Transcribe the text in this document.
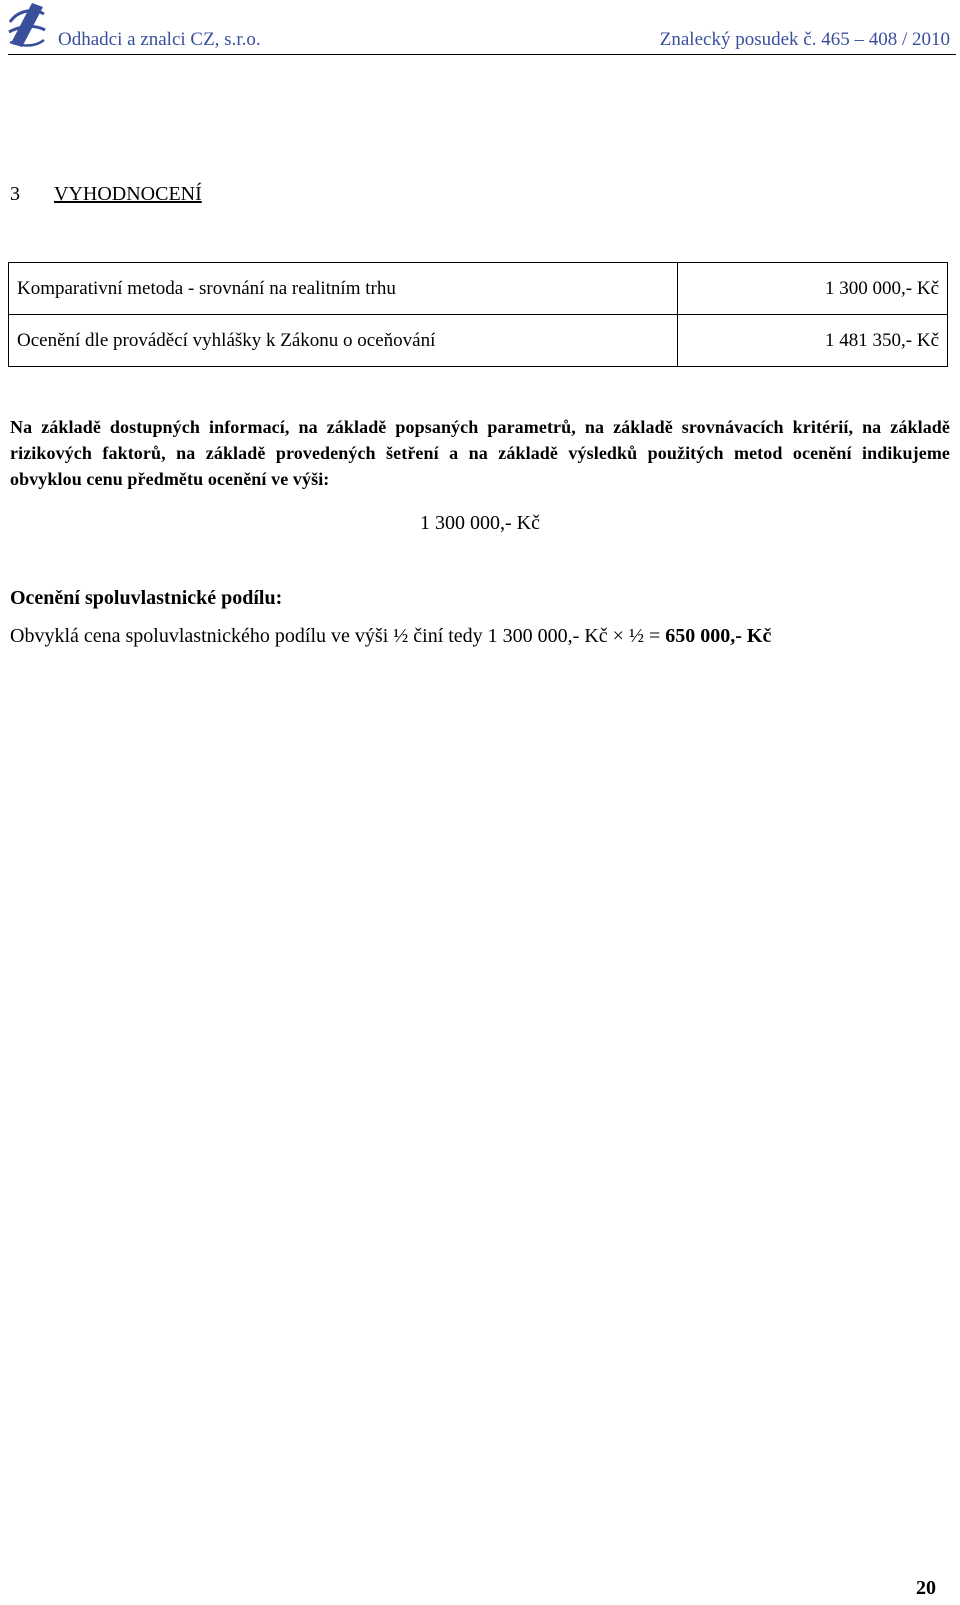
Odhadci a znalci CZ, s.r.o.	Znalecký posudek č. 465 – 408 / 2010
3 VYHODNOCENÍ
Komparativní metoda - srovnání na realitním trhu	1 300 000,- Kč
Ocenění dle prováděcí vyhlášky k Zákonu o oceňování	1 481 350,- Kč
Na základě dostupných informací, na základě popsaných parametrů, na základě srovnávacích kritérií, na základě rizikových faktorů, na základě provedených šetření a na základě výsledků použitých metod ocenění indikujeme obvyklou cenu předmětu ocenění ve výši:
1 300 000,- Kč
Ocenění spoluvlastnické podílu:
Obvyklá cena spoluvlastnického podílu ve výši ½ činí tedy 1 300 000,- Kč × ½ = 650 000,- Kč
20
